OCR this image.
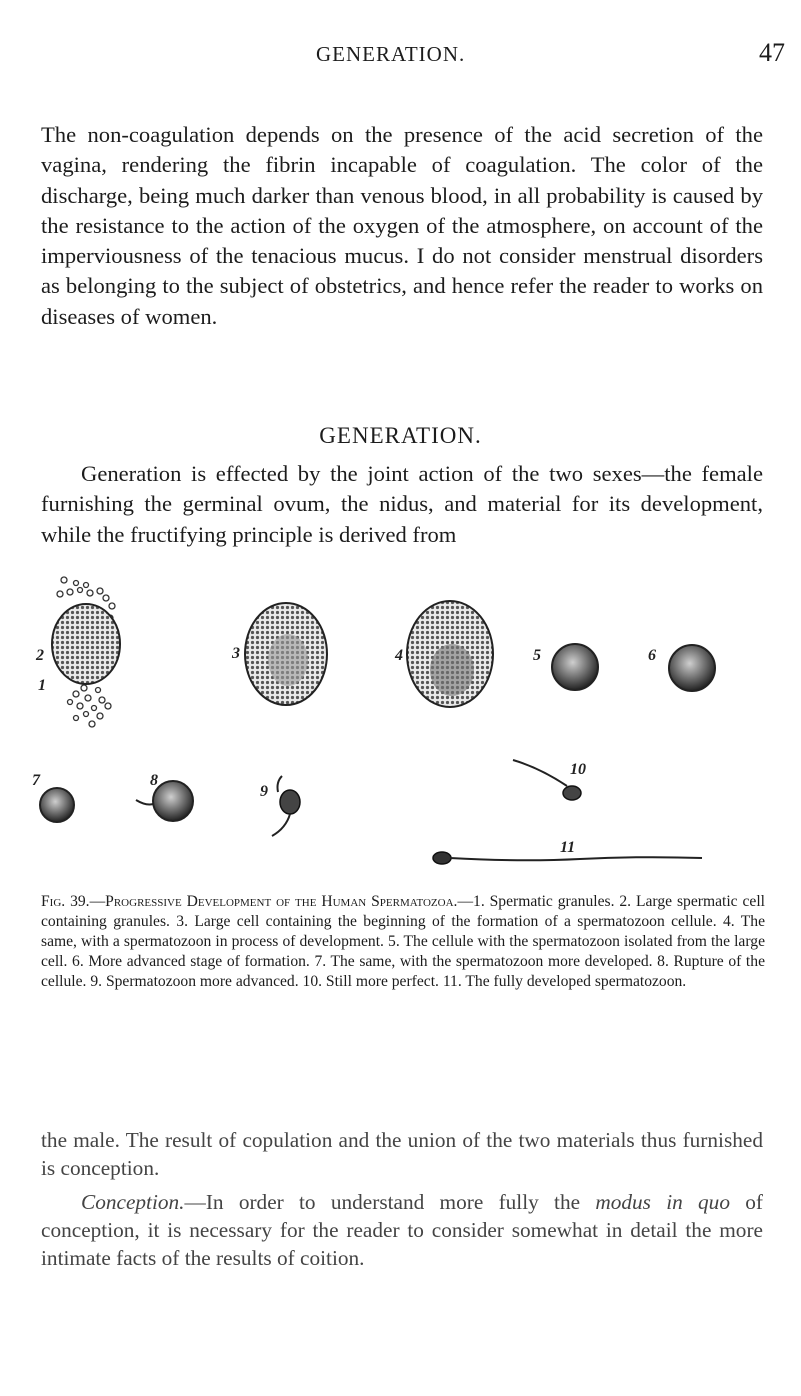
GENERATION.	47

The non-coagulation depends on the presence of the acid secretion of the vagina, rendering the fibrin incapable of coagulation. The color of the discharge, being much darker than venous blood, in all probability is caused by the resistance to the action of the oxygen of the atmosphere, on account of the imperviousness of the tenacious mucus. I do not consider menstrual disorders as belonging to the subject of obstetrics, and hence refer the reader to works on diseases of women.

GENERATION.

Generation is effected by the joint action of the two sexes—the female furnishing the germinal ovum, the nidus, and material for its development, while the fructifying principle is derived from

1
2	3	4	5	6
7	8
9
10
11

Fig. 39.—Progressive Development of the Human Spermatozoa.—1. Spermatic granules. 2. Large spermatic cell containing granules. 3. Large cell containing the beginning of the formation of a spermatozoon cellule. 4. The same, with a spermatozoon in process of development. 5. The cellule with the spermatozoon isolated from the large cell. 6. More advanced stage of formation. 7. The same, with the spermatozoon more developed. 8. Rupture of the cellule. 9. Spermatozoon more advanced. 10. Still more perfect. 11. The fully developed spermatozoon.

the male. The result of copulation and the union of the two materials thus furnished is conception.

Conception.—In order to understand more fully the modus in quo of conception, it is necessary for the reader to consider somewhat in detail the more intimate facts of the results of coition.
